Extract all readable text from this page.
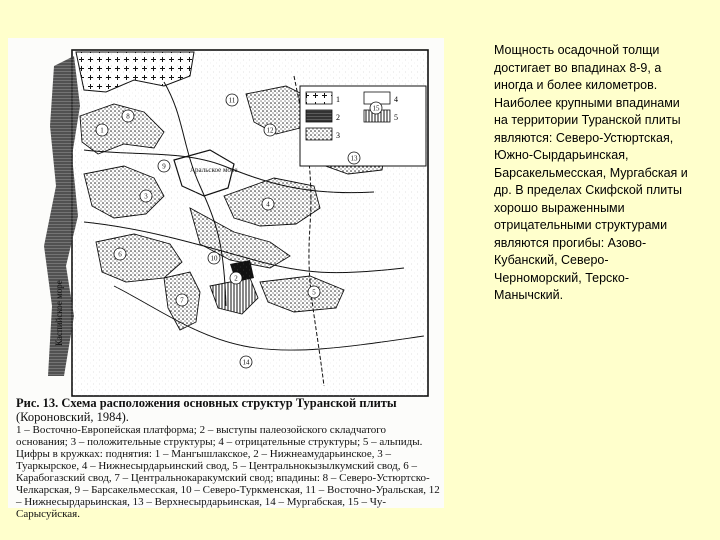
Каспийское море
Аральское море
1
2
3
4
5
1
2
3
4
5
6
7
8
9
10
11
12
13
14
15
Рис. 13. Схема расположения основных структур Туранской плиты (Короновский, 1984).
1 – Восточно-Европейская платформа; 2 – выступы палеозойского складчатого основания; 3 – положительные структуры; 4 – отрицательные структуры; 5 – альпиды.
Цифры в кружках: поднятия: 1 – Мангышлакское, 2 – Нижнеамударьинское, 3 – Туаркырское, 4 – Нижнесырдарьинский свод, 5 – Центральнокызылкумский свод, 6 – Карабогазский свод, 7 – Центральнокаракумский свод; впадины: 8 – Северо-Устюртско-Челкарская, 9 – Барсакельмесская, 10 – Северо-Туркменская, 11 – Восточно-Уральская, 12 – Нижнесырдарьинская, 13 – Верхнесырдарьинская, 14 – Мургабская, 15 – Чу-Сарысуйская.
Мощность осадочной толщи достигает во впадинах 8-9, а иногда и более километров. Наиболее крупными впадинами на территории Туранской плиты являются: Северо-Устюртская, Южно-Сырдарьинская, Барсакельмесская, Мургабская и др. В пределах Скифской плиты хорошо выраженными отрицательными структурами являются прогибы: Азово-Кубанский, Северо-Черноморский, Терско-Манычский.
